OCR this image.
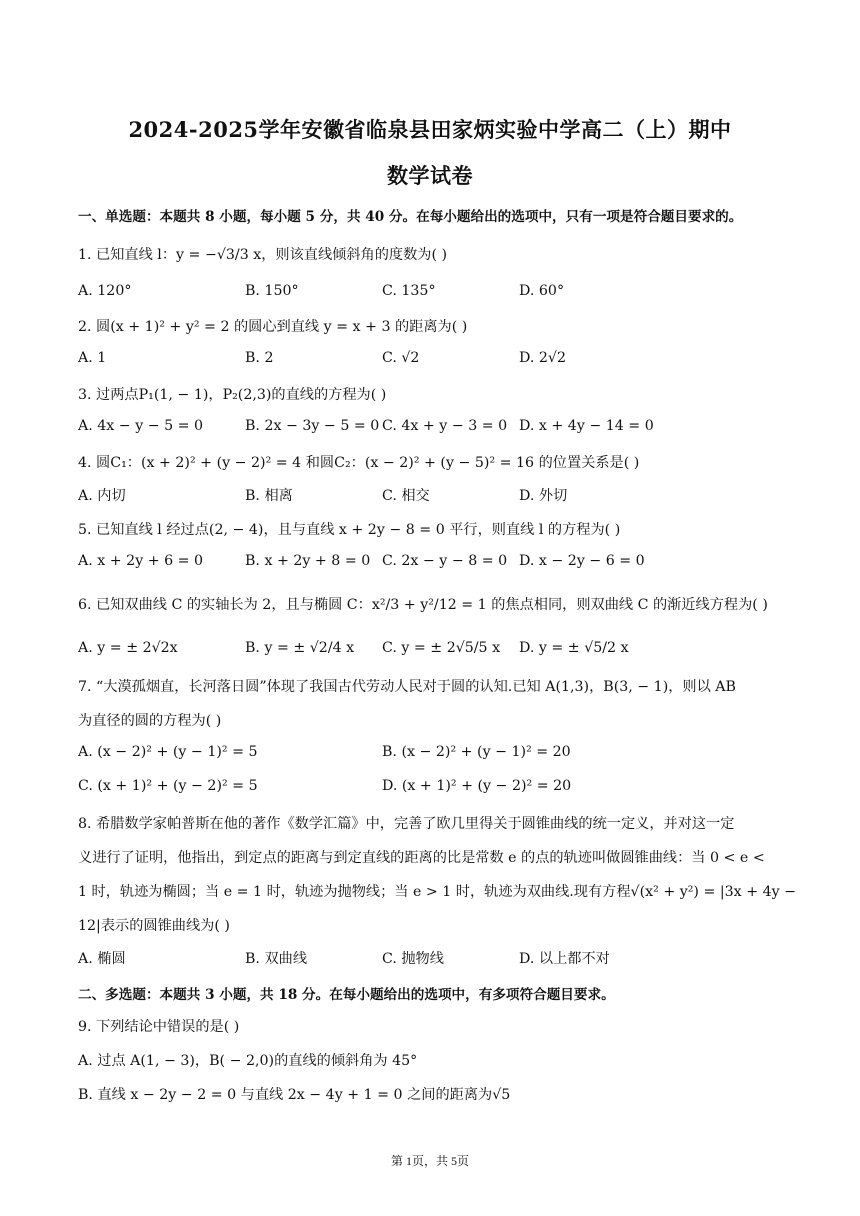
2024-2025学年安徽省临泉县田家炳实验中学高二（上）期中
数学试卷
一、单选题：本题共 8 小题，每小题 5 分，共 40 分。在每小题给出的选项中，只有一项是符合题目要求的。
1. 已知直线 l：y = −√3/3 x，则该直线倾斜角的度数为( )
A. 120°	B. 150°	C. 135°	D. 60°
2. 圆(x + 1)² + y² = 2 的圆心到直线 y = x + 3 的距离为( )
A. 1	B. 2	C. √2	D. 2√2
3. 过两点P₁(1, − 1)，P₂(2,3)的直线的方程为( )
A. 4x − y − 5 = 0	B. 2x − 3y − 5 = 0 C. 4x + y − 3 = 0 D. x + 4y − 14 = 0
4. 圆C₁：(x + 2)² + (y − 2)² = 4 和圆C₂：(x − 2)² + (y − 5)² = 16 的位置关系是( )
A. 内切	B. 相离	C. 相交	D. 外切
5. 已知直线 l 经过点(2, − 4)，且与直线 x + 2y − 8 = 0 平行，则直线 l 的方程为( )
A. x + 2y + 6 = 0	B. x + 2y + 8 = 0 C. 2x − y − 8 = 0 D. x − 2y − 6 = 0
6. 已知双曲线 C 的实轴长为 2，且与椭圆 C：x²/3 + y²/12 = 1 的焦点相同，则双曲线 C 的渐近线方程为( )
A. y = ± 2√2x	B. y = ± √2/4 x C. y = ± 2√5/5 x D. y = ± √5/2 x
7. “大漠孤烟直，长河落日圆”体现了我国古代劳动人民对于圆的认知.已知 A(1,3)，B(3, − 1)，则以 AB
为直径的圆的方程为( )
A. (x − 2)² + (y − 1)² = 5	B. (x − 2)² + (y − 1)² = 20
C. (x + 1)² + (y − 2)² = 5	D. (x + 1)² + (y − 2)² = 20
8. 希腊数学家帕普斯在他的著作《数学汇篇》中，完善了欧几里得关于圆锥曲线的统一定义，并对这一定
义进行了证明，他指出，到定点的距离与到定直线的距离的比是常数 e 的点的轨迹叫做圆锥曲线：当 0 < e <
1 时，轨迹为椭圆；当 e = 1 时，轨迹为抛物线；当 e > 1 时，轨迹为双曲线.现有方程√(x² + y²) = |3x + 4y −
12|表示的圆锥曲线为( )
A. 椭圆	B. 双曲线	C. 抛物线	D. 以上都不对
二、多选题：本题共 3 小题，共 18 分。在每小题给出的选项中，有多项符合题目要求。
9. 下列结论中错误的是( )
A. 过点 A(1, − 3)，B( − 2,0)的直线的倾斜角为 45°
B. 直线 x − 2y − 2 = 0 与直线 2x − 4y + 1 = 0 之间的距离为√5
第 1页，共 5页
